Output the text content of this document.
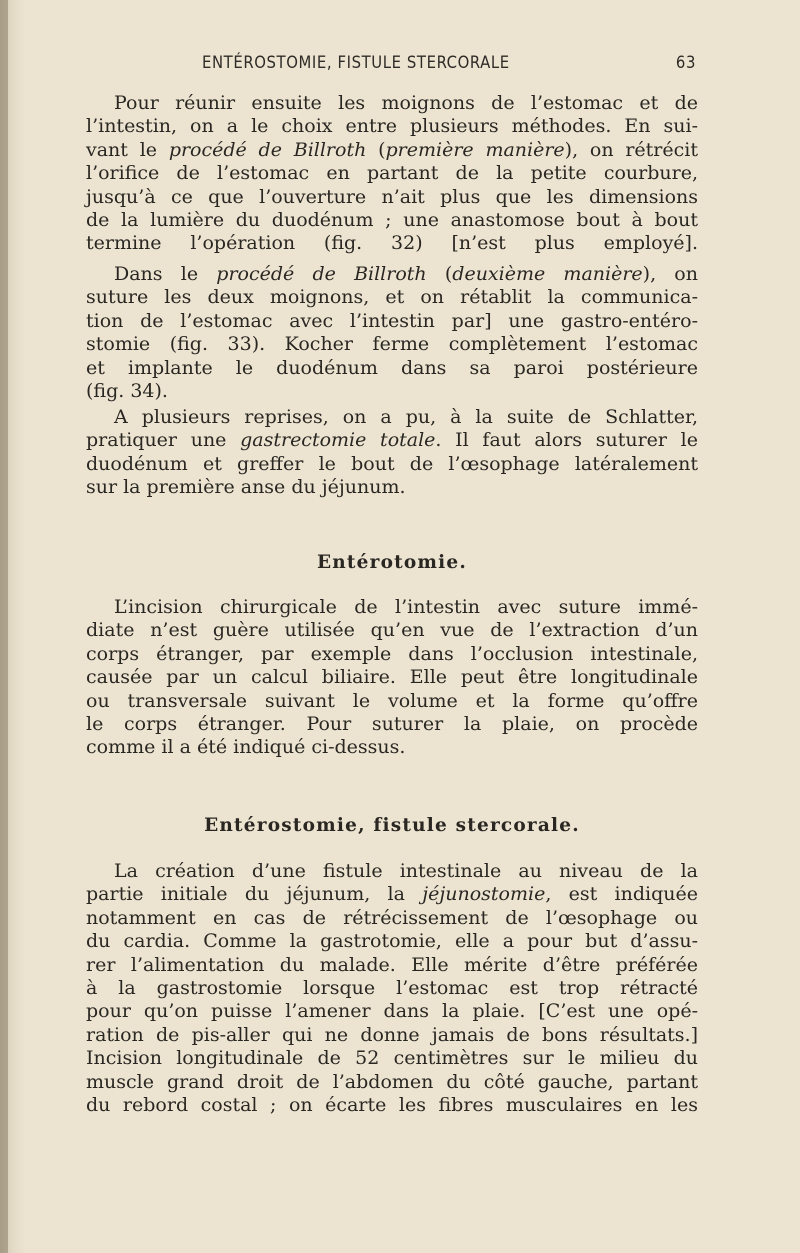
ENTÉROSTOMIE, FISTULE STERCORALE	63
Pour réunir ensuite les moignons de l’estomac et de
l’intestin, on a le choix entre plusieurs méthodes. En sui-
vant le procédé de Billroth (première manière), on rétrécit
l’orifice de l’estomac en partant de la petite courbure,
jusqu’à ce que l’ouverture n’ait plus que les dimensions
de la lumière du duodénum ; une anastomose bout à bout
termine l’opération (fig. 32) [n’est plus employé].
Dans le procédé de Billroth (deuxième manière), on
suture les deux moignons, et on rétablit la communica-
tion de l’estomac avec l’intestin par] une gastro-entéro-
stomie (fig. 33). Kocher ferme complètement l’estomac
et implante le duodénum dans sa paroi postérieure
(fig. 34).
A plusieurs reprises, on a pu, à la suite de Schlatter,
pratiquer une gastrectomie totale. Il faut alors suturer le
duodénum et greffer le bout de l’œsophage latéralement
sur la première anse du jéjunum.
Entérotomie.
L’incision chirurgicale de l’intestin avec suture immé-
diate n’est guère utilisée qu’en vue de l’extraction d’un
corps étranger, par exemple dans l’occlusion intestinale,
causée par un calcul biliaire. Elle peut être longitudinale
ou transversale suivant le volume et la forme qu’offre
le corps étranger. Pour suturer la plaie, on procède
comme il a été indiqué ci-dessus.
Entérostomie, fistule stercorale.
La création d’une fistule intestinale au niveau de la
partie initiale du jéjunum, la jéjunostomie, est indiquée
notamment en cas de rétrécissement de l’œsophage ou
du cardia. Comme la gastrotomie, elle a pour but d’assu-
rer l’alimentation du malade. Elle mérite d’être préférée
à la gastrostomie lorsque l’estomac est trop rétracté
pour qu’on puisse l’amener dans la plaie. [C’est une opé-
ration de pis-aller qui ne donne jamais de bons résultats.]
Incision longitudinale de 52 centimètres sur le milieu du
muscle grand droit de l’abdomen du côté gauche, partant
du rebord costal ; on écarte les fibres musculaires en les
